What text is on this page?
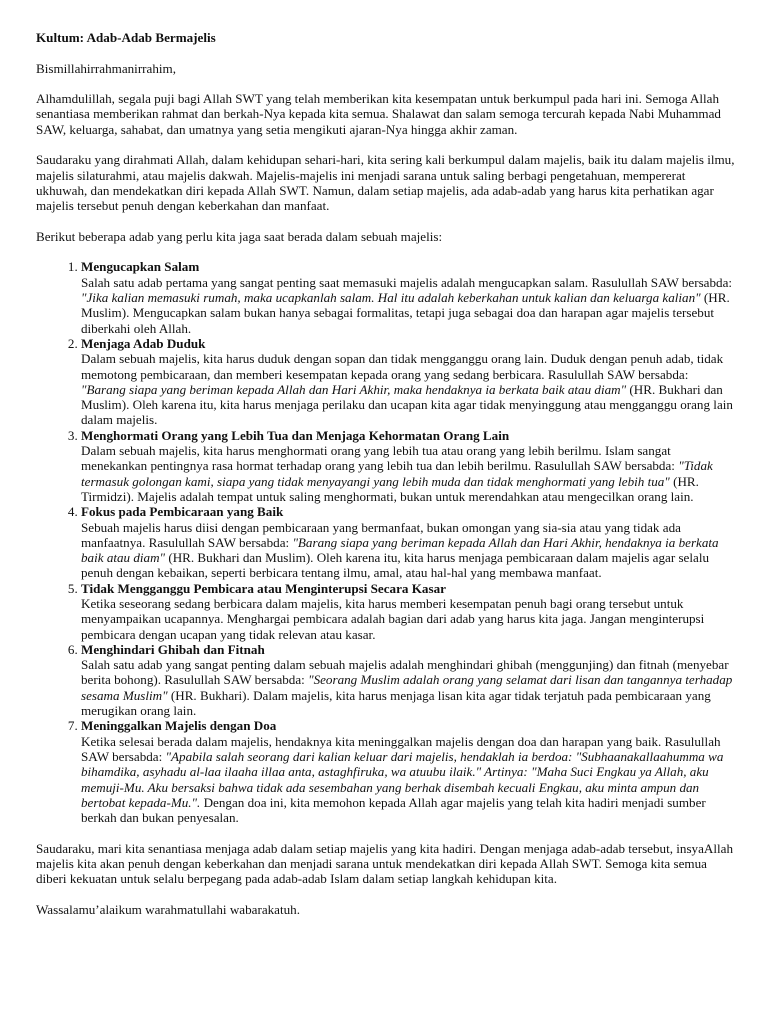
Kultum: Adab-Adab Bermajelis

Bismillahirrahmanirrahim,

Alhamdulillah, segala puji bagi Allah SWT yang telah memberikan kita kesempatan untuk berkumpul pada hari ini. Semoga Allah senantiasa memberikan rahmat dan berkah-Nya kepada kita semua. Shalawat dan salam semoga tercurah kepada Nabi Muhammad SAW, keluarga, sahabat, dan umatnya yang setia mengikuti ajaran-Nya hingga akhir zaman.

Saudaraku yang dirahmati Allah, dalam kehidupan sehari-hari, kita sering kali berkumpul dalam majelis, baik itu dalam majelis ilmu, majelis silaturahmi, atau majelis dakwah. Majelis-majelis ini menjadi sarana untuk saling berbagi pengetahuan, mempererat ukhuwah, dan mendekatkan diri kepada Allah SWT. Namun, dalam setiap majelis, ada adab-adab yang harus kita perhatikan agar majelis tersebut penuh dengan keberkahan dan manfaat.

Berikut beberapa adab yang perlu kita jaga saat berada dalam sebuah majelis:

1. Mengucapkan Salam
Salah satu adab pertama yang sangat penting saat memasuki majelis adalah mengucapkan salam. Rasulullah SAW bersabda: "Jika kalian memasuki rumah, maka ucapkanlah salam. Hal itu adalah keberkahan untuk kalian dan keluarga kalian" (HR. Muslim). Mengucapkan salam bukan hanya sebagai formalitas, tetapi juga sebagai doa dan harapan agar majelis tersebut diberkahi oleh Allah.
2. Menjaga Adab Duduk
Dalam sebuah majelis, kita harus duduk dengan sopan dan tidak mengganggu orang lain. Duduk dengan penuh adab, tidak memotong pembicaraan, dan memberi kesempatan kepada orang yang sedang berbicara. Rasulullah SAW bersabda: "Barang siapa yang beriman kepada Allah dan Hari Akhir, maka hendaknya ia berkata baik atau diam" (HR. Bukhari dan Muslim). Oleh karena itu, kita harus menjaga perilaku dan ucapan kita agar tidak menyinggung atau mengganggu orang lain dalam majelis.
3. Menghormati Orang yang Lebih Tua dan Menjaga Kehormatan Orang Lain
Dalam sebuah majelis, kita harus menghormati orang yang lebih tua atau orang yang lebih berilmu. Islam sangat menekankan pentingnya rasa hormat terhadap orang yang lebih tua dan lebih berilmu. Rasulullah SAW bersabda: "Tidak termasuk golongan kami, siapa yang tidak menyayangi yang lebih muda dan tidak menghormati yang lebih tua" (HR. Tirmidzi). Majelis adalah tempat untuk saling menghormati, bukan untuk merendahkan atau mengecilkan orang lain.
4. Fokus pada Pembicaraan yang Baik
Sebuah majelis harus diisi dengan pembicaraan yang bermanfaat, bukan omongan yang sia-sia atau yang tidak ada manfaatnya. Rasulullah SAW bersabda: "Barang siapa yang beriman kepada Allah dan Hari Akhir, hendaknya ia berkata baik atau diam" (HR. Bukhari dan Muslim). Oleh karena itu, kita harus menjaga pembicaraan dalam majelis agar selalu penuh dengan kebaikan, seperti berbicara tentang ilmu, amal, atau hal-hal yang membawa manfaat.
5. Tidak Mengganggu Pembicara atau Menginterupsi Secara Kasar
Ketika seseorang sedang berbicara dalam majelis, kita harus memberi kesempatan penuh bagi orang tersebut untuk menyampaikan ucapannya. Menghargai pembicara adalah bagian dari adab yang harus kita jaga. Jangan menginterupsi pembicara dengan ucapan yang tidak relevan atau kasar.
6. Menghindari Ghibah dan Fitnah
Salah satu adab yang sangat penting dalam sebuah majelis adalah menghindari ghibah (menggunjing) dan fitnah (menyebar berita bohong). Rasulullah SAW bersabda: "Seorang Muslim adalah orang yang selamat dari lisan dan tangannya terhadap sesama Muslim" (HR. Bukhari). Dalam majelis, kita harus menjaga lisan kita agar tidak terjatuh pada pembicaraan yang merugikan orang lain.
7. Meninggalkan Majelis dengan Doa
Ketika selesai berada dalam majelis, hendaknya kita meninggalkan majelis dengan doa dan harapan yang baik. Rasulullah SAW bersabda: "Apabila salah seorang dari kalian keluar dari majelis, hendaklah ia berdoa: "Subhaanakallaahumma wa bihamdika, asyhadu al-laa ilaaha illaa anta, astaghfiruka, wa atuubu ilaik." Artinya: "Maha Suci Engkau ya Allah, aku memuji-Mu. Aku bersaksi bahwa tidak ada sesembahan yang berhak disembah kecuali Engkau, aku minta ampun dan bertobat kepada-Mu.". Dengan doa ini, kita memohon kepada Allah agar majelis yang telah kita hadiri menjadi sumber berkah dan bukan penyesalan.

Saudaraku, mari kita senantiasa menjaga adab dalam setiap majelis yang kita hadiri. Dengan menjaga adab-adab tersebut, insyaAllah majelis kita akan penuh dengan keberkahan dan menjadi sarana untuk mendekatkan diri kepada Allah SWT. Semoga kita semua diberi kekuatan untuk selalu berpegang pada adab-adab Islam dalam setiap langkah kehidupan kita.

Wassalamu’alaikum warahmatullahi wabarakatuh.
